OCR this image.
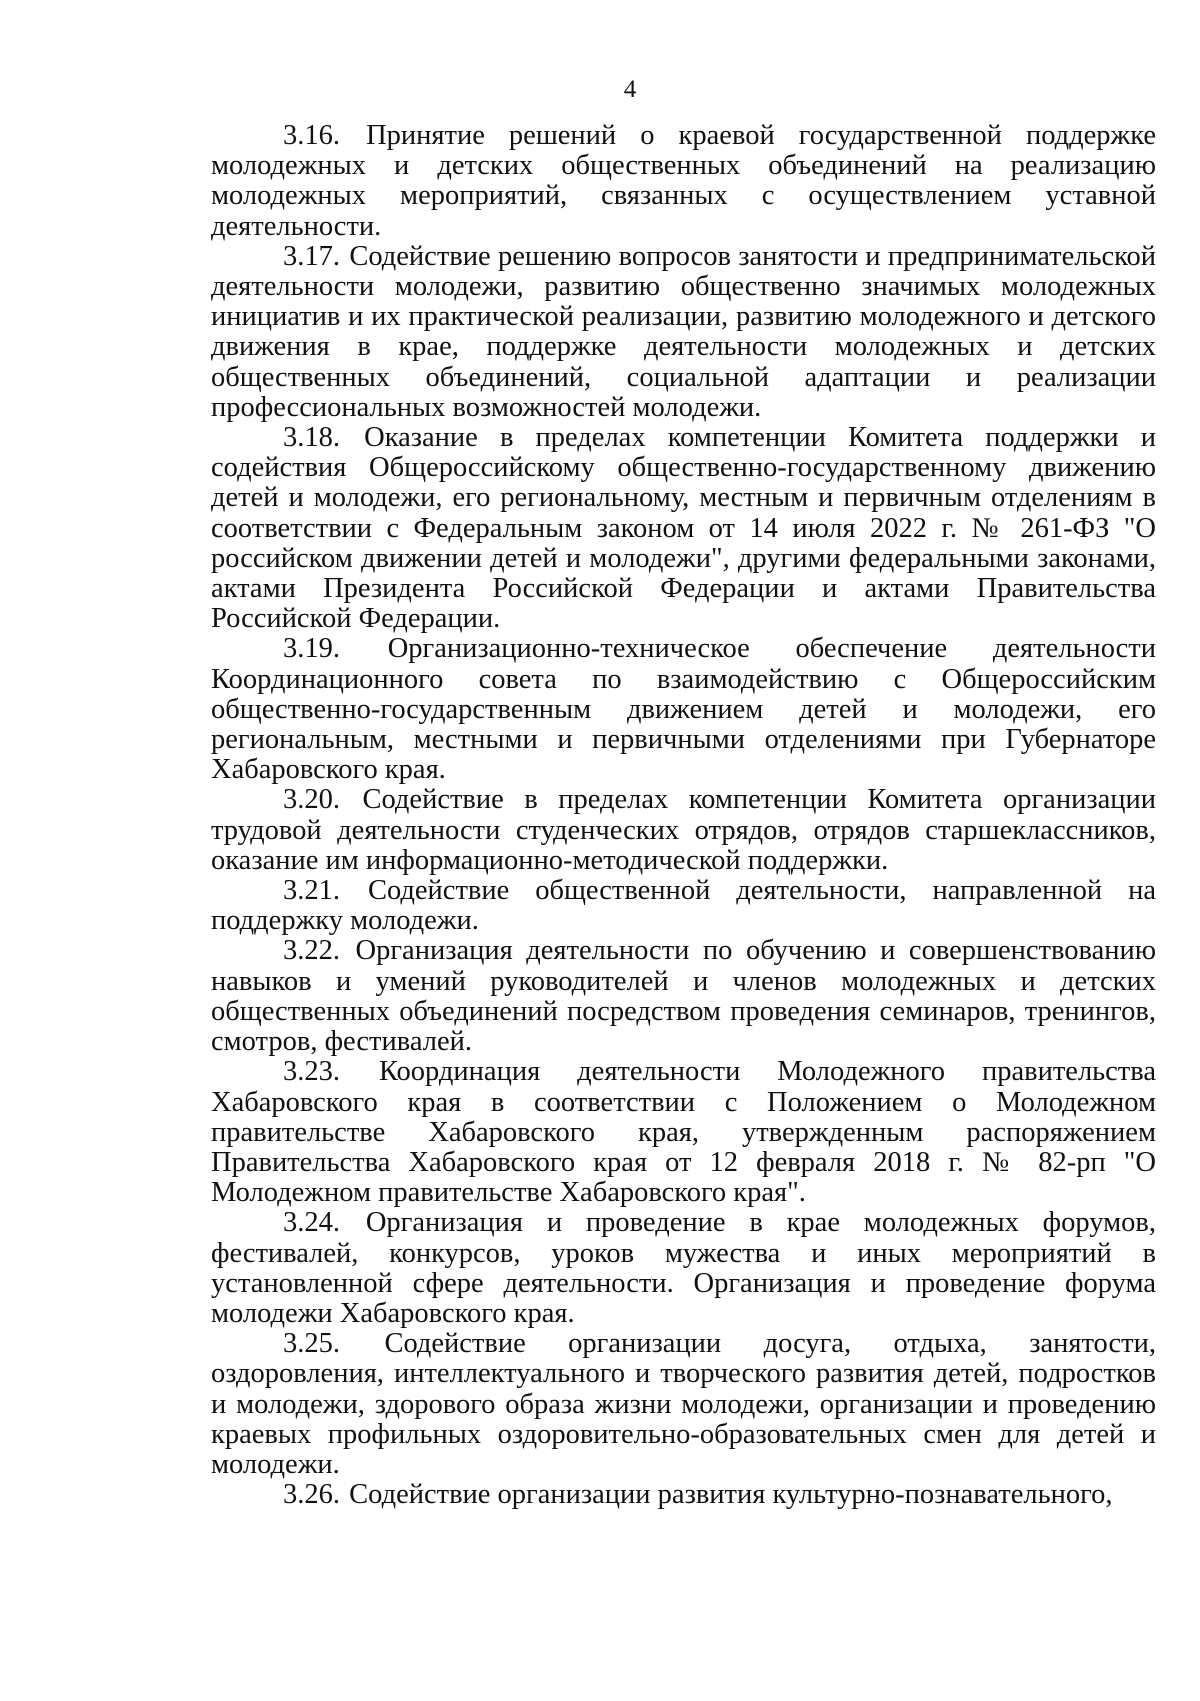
4

3.16. Принятие решений о краевой государственной поддержке молодежных и детских общественных объединений на реализацию молодежных мероприятий, связанных с осуществлением уставной деятельности.

3.17. Содействие решению вопросов занятости и предпринимательской деятельности молодежи, развитию общественно значимых молодежных инициатив и их практической реализации, развитию молодежного и детского движения в крае, поддержке деятельности молодежных и детских общественных объединений, социальной адаптации и реализации профессиональных возможностей молодежи.

3.18. Оказание в пределах компетенции Комитета поддержки и содействия Общероссийскому общественно-государственному движению детей и молодежи, его региональному, местным и первичным отделениям в соответствии с Федеральным законом от 14 июля 2022 г. № 261-ФЗ "О российском движении детей и молодежи", другими федеральными законами, актами Президента Российской Федерации и актами Правительства Российской Федерации.

3.19. Организационно-техническое обеспечение деятельности Координационного совета по взаимодействию с Общероссийским общественно-государственным движением детей и молодежи, его региональным, местными и первичными отделениями при Губернаторе Хабаровского края.

3.20. Содействие в пределах компетенции Комитета организации трудовой деятельности студенческих отрядов, отрядов старшеклассников, оказание им информационно-методической поддержки.

3.21. Содействие общественной деятельности, направленной на поддержку молодежи.

3.22. Организация деятельности по обучению и совершенствованию навыков и умений руководителей и членов молодежных и детских общественных объединений посредством проведения семинаров, тренингов, смотров, фестивалей.

3.23. Координация деятельности Молодежного правительства Хабаровского края в соответствии с Положением о Молодежном правительстве Хабаровского края, утвержденным распоряжением Правительства Хабаровского края от 12 февраля 2018 г. № 82-рп "О Молодежном правительстве Хабаровского края".

3.24. Организация и проведение в крае молодежных форумов, фестивалей, конкурсов, уроков мужества и иных мероприятий в установленной сфере деятельности. Организация и проведение форума молодежи Хабаровского края.

3.25. Содействие организации досуга, отдыха, занятости, оздоровления, интеллектуального и творческого развития детей, подростков и молодежи, здорового образа жизни молодежи, организации и проведению краевых профильных оздоровительно-образовательных смен для детей и молодежи.

3.26. Содействие организации развития культурно-познавательного,
